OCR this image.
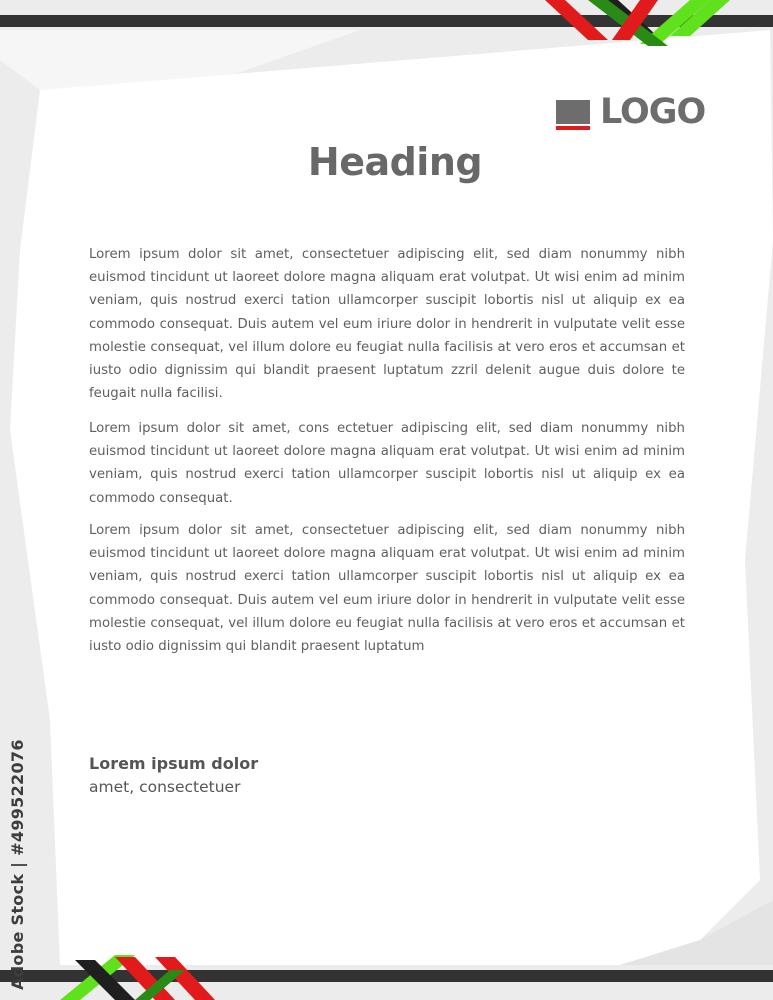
LOGO
Heading

Lorem ipsum dolor sit amet, consectetuer adipiscing elit, sed diam nonummy nibh euismod tincidunt ut laoreet dolore magna aliquam erat volutpat. Ut wisi enim ad minim veniam, quis nostrud exerci tation ullamcorper suscipit lobortis nisl ut aliquip ex ea commodo consequat. Duis autem vel eum iriure dolor in hendrerit in vulputate velit esse molestie consequat, vel illum dolore eu feugiat nulla facilisis at vero eros et accumsan et iusto odio dignissim qui blandit praesent luptatum zzril delenit augue duis dolore te feugait nulla facilisi.

Lorem ipsum dolor sit amet, cons ectetuer adipiscing elit, sed diam nonummy nibh euismod tincidunt ut laoreet dolore magna aliquam erat volutpat. Ut wisi enim ad minim veniam, quis nostrud exerci tation ullamcorper suscipit lobortis nisl ut aliquip ex ea commodo consequat.

Lorem ipsum dolor sit amet, consectetuer adipiscing elit, sed diam nonummy nibh euismod tincidunt ut laoreet dolore magna aliquam erat volutpat. Ut wisi enim ad minim veniam, quis nostrud exerci tation ullamcorper suscipit lobortis nisl ut aliquip ex ea commodo consequat. Duis autem vel eum iriure dolor in hendrerit in vulputate velit esse molestie consequat, vel illum dolore eu feugiat nulla facilisis at vero eros et accumsan et iusto odio dignissim qui blandit praesent luptatum

Lorem ipsum dolor
amet, consectetuer
Adobe Stock | #499522076
